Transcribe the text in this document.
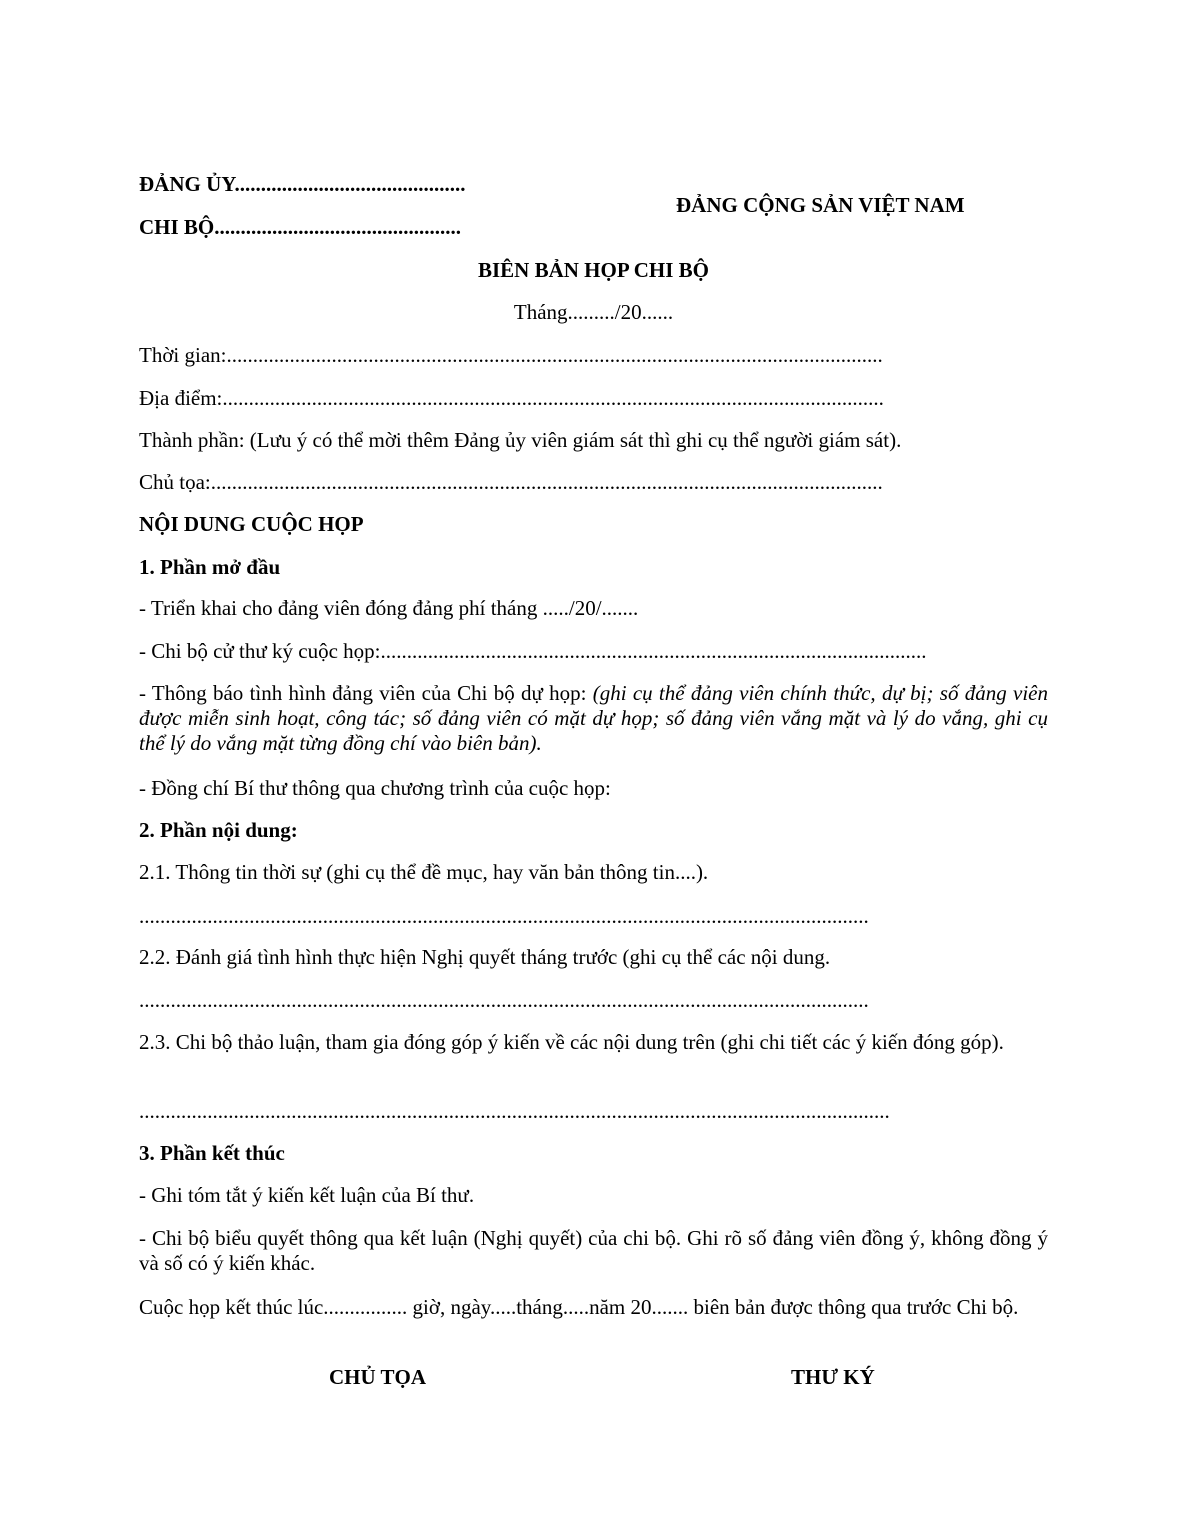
ĐẢNG ỦY............................................
CHI BỘ...............................................
ĐẢNG CỘNG SẢN VIỆT NAM
BIÊN BẢN HỌP CHI BỘ
Tháng........./20......
Thời gian:.............................................................................................................................
Địa điểm:..............................................................................................................................
Thành phần: (Lưu ý có thể mời thêm Đảng ủy viên giám sát thì ghi cụ thể người giám sát).
Chủ tọa:................................................................................................................................
NỘI DUNG CUỘC HỌP
1. Phần mở đầu
- Triển khai cho đảng viên đóng đảng phí tháng ...../20/.......
- Chi bộ cử thư ký cuộc họp:........................................................................................................
- Thông báo tình hình đảng viên của Chi bộ dự họp: (ghi cụ thể đảng viên chính thức, dự bị; số đảng viên được miễn sinh hoạt, công tác; số đảng viên có mặt dự họp; số đảng viên vắng mặt và lý do vắng, ghi cụ thể lý do vắng mặt từng đồng chí vào biên bản).
- Đồng chí Bí thư thông qua chương trình của cuộc họp:
2. Phần nội dung:
2.1. Thông tin thời sự (ghi cụ thể đề mục, hay văn bản thông tin....).
...........................................................................................................................................
2.2. Đánh giá tình hình thực hiện Nghị quyết tháng trước (ghi cụ thể các nội dung.
...........................................................................................................................................
2.3. Chi bộ thảo luận, tham gia đóng góp ý kiến về các nội dung trên (ghi chi tiết các ý kiến đóng góp).
...............................................................................................................................................
3. Phần kết thúc
- Ghi tóm tắt ý kiến kết luận của Bí thư.
- Chi bộ biểu quyết thông qua kết luận (Nghị quyết) của chi bộ. Ghi rõ số đảng viên đồng ý, không đồng ý và số có ý kiến khác.
Cuộc họp kết thúc lúc................ giờ, ngày.....tháng.....năm 20....... biên bản được thông qua trước Chi bộ.
CHỦ TỌA	THƯ KÝ
